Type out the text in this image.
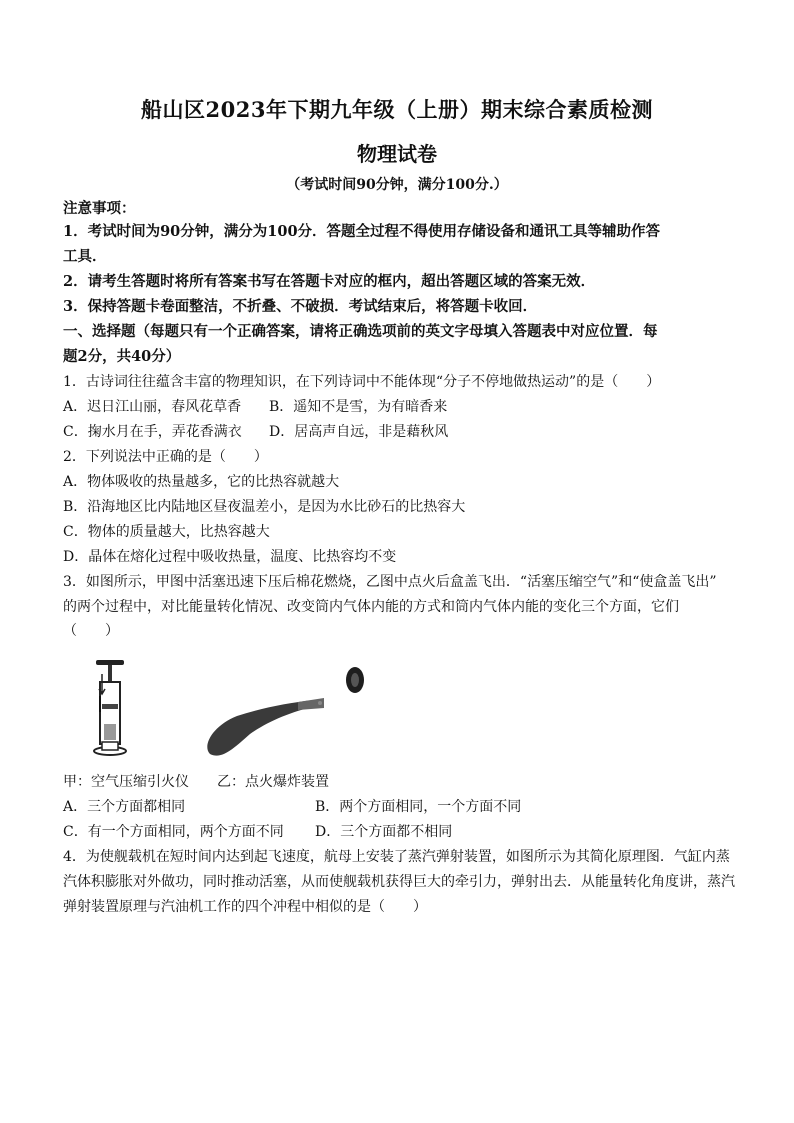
船山区2023年下期九年级（上册）期末综合素质检测
物理试卷
（考试时间90分钟，满分100分.）
注意事项：
1．考试时间为90分钟，满分为100分．答题全过程不得使用存储设备和通讯工具等辅助作答
工具．
2．请考生答题时将所有答案书写在答题卡对应的框内，超出答题区域的答案无效．
3．保持答题卡卷面整洁，不折叠、不破损．考试结束后，将答题卡收回．
一、选择题（每题只有一个正确答案，请将正确选项前的英文字母填入答题表中对应位置．每
题2分，共40分）
1．古诗词往往蕴含丰富的物理知识，在下列诗词中不能体现“分子不停地做热运动”的是（　　）
A．迟日江山丽，春风花草香	B．遥知不是雪，为有暗香来
C．掬水月在手，弄花香满衣	D．居高声自远，非是藉秋风
2．下列说法中正确的是（　　）
A．物体吸收的热量越多，它的比热容就越大
B．沿海地区比内陆地区昼夜温差小，是因为水比砂石的比热容大
C．物体的质量越大，比热容越大
D．晶体在熔化过程中吸收热量，温度、比热容均不变
3．如图所示，甲图中活塞迅速下压后棉花燃烧，乙图中点火后盒盖飞出．“活塞压缩空气”和“使盒盖飞出”
的两个过程中，对比能量转化情况、改变筒内气体内能的方式和筒内气体内能的变化三个方面，它们
（　　）
甲：空气压缩引火仪　　乙：点火爆炸装置
A．三个方面都相同	B．两个方面相同，一个方面不同
C．有一个方面相同，两个方面不同	D．三个方面都不相同
4．为使舰载机在短时间内达到起飞速度，航母上安装了蒸汽弹射装置，如图所示为其简化原理图．气缸内蒸
汽体积膨胀对外做功，同时推动活塞，从而使舰载机获得巨大的牵引力，弹射出去．从能量转化角度讲，蒸汽
弹射装置原理与汽油机工作的四个冲程中相似的是（　　）
